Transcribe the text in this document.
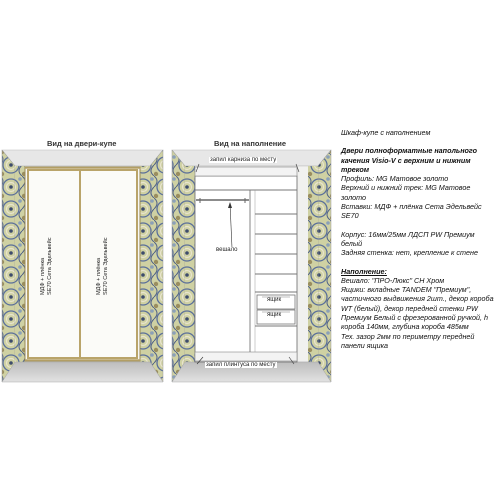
Вид на двери-купе	Вид на наполнение
МДФ + плёнка SE70 Сета Эдельвейс	МДФ + плёнка SE70 Сета Эдельвейс
запил карниза по месту
вешало
ящик
ящик
запил плинтуса по месту

Шкаф-купе с наполнением

Двери полноформатные напольного качения Visio-V с верхним и нижним треком

Профиль: MG Матовое золото

Верхний и нижний трек: MG Матовое золото

Вставки: МДФ + плёнка Сета Эдельвейс SE70

Корпус: 16мм/25мм ЛДСП PW Премиум белый

Задняя стенка: нет, крепление к стене

Наполнение:

Вешало: "ПРО-Люкс" СН Хром

Ящики: вкладные TANDEM "Премиум", частичного выдвижения 2шт., декор короба WT (белый), декор передней стенки PW Премиум Белый с фрезерованной ручкой, h короба 140мм, глубина короба 485мм

Тех. зазор 2мм по периметру передней панели ящика
